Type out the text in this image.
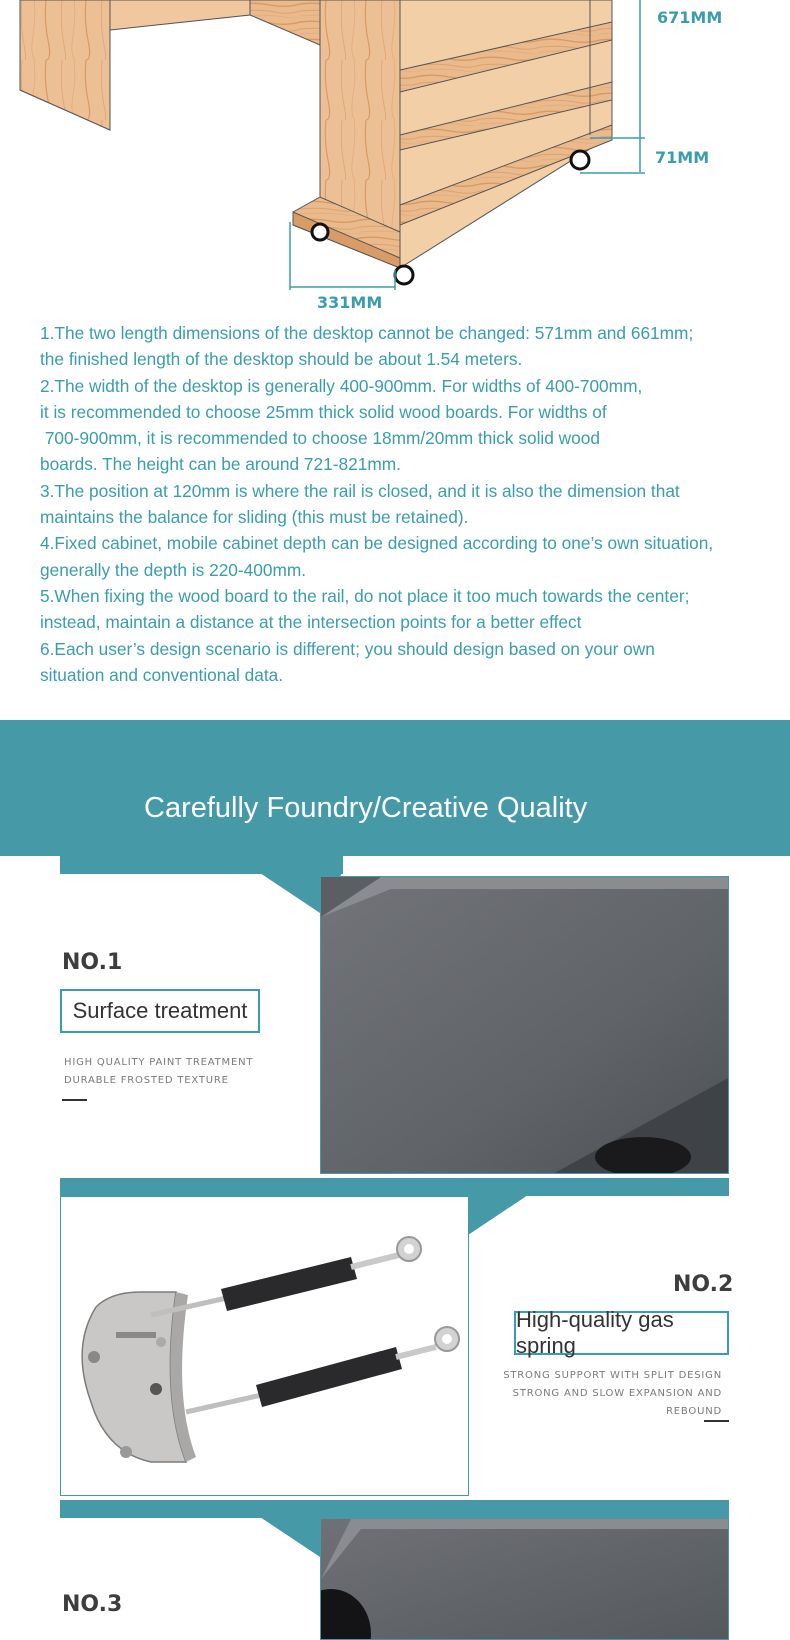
671MM
71MM
331MM

1.The two length dimensions of the desktop cannot be changed: 571mm and 661mm;
the finished length of the desktop should be about 1.54 meters.

2.The width of the desktop is generally 400-900mm. For widths of 400-700mm,
it is recommended to choose 25mm thick solid wood boards. For widths of
700-900mm, it is recommended to choose 18mm/20mm thick solid wood
boards. The height can be around 721-821mm.

3.The position at 120mm is where the rail is closed, and it is also the dimension that
maintains the balance for sliding (this must be retained).

4.Fixed cabinet, mobile cabinet depth can be designed according to one’s own situation,
generally the depth is 220-400mm.

5.When fixing the wood board to the rail, do not place it too much towards the center;
instead, maintain a distance at the intersection points for a better effect

6.Each user’s design scenario is different; you should design based on your own
situation and conventional data.

Carefully Foundry/Creative Quality
NO.1
Surface treatment
HIGH QUALITY PAINT TREATMENT
DURABLE FROSTED TEXTURE
NO.2
High-quality gas spring
STRONG SUPPORT WITH SPLIT DESIGN
STRONG AND SLOW EXPANSION AND REBOUND
NO.3
